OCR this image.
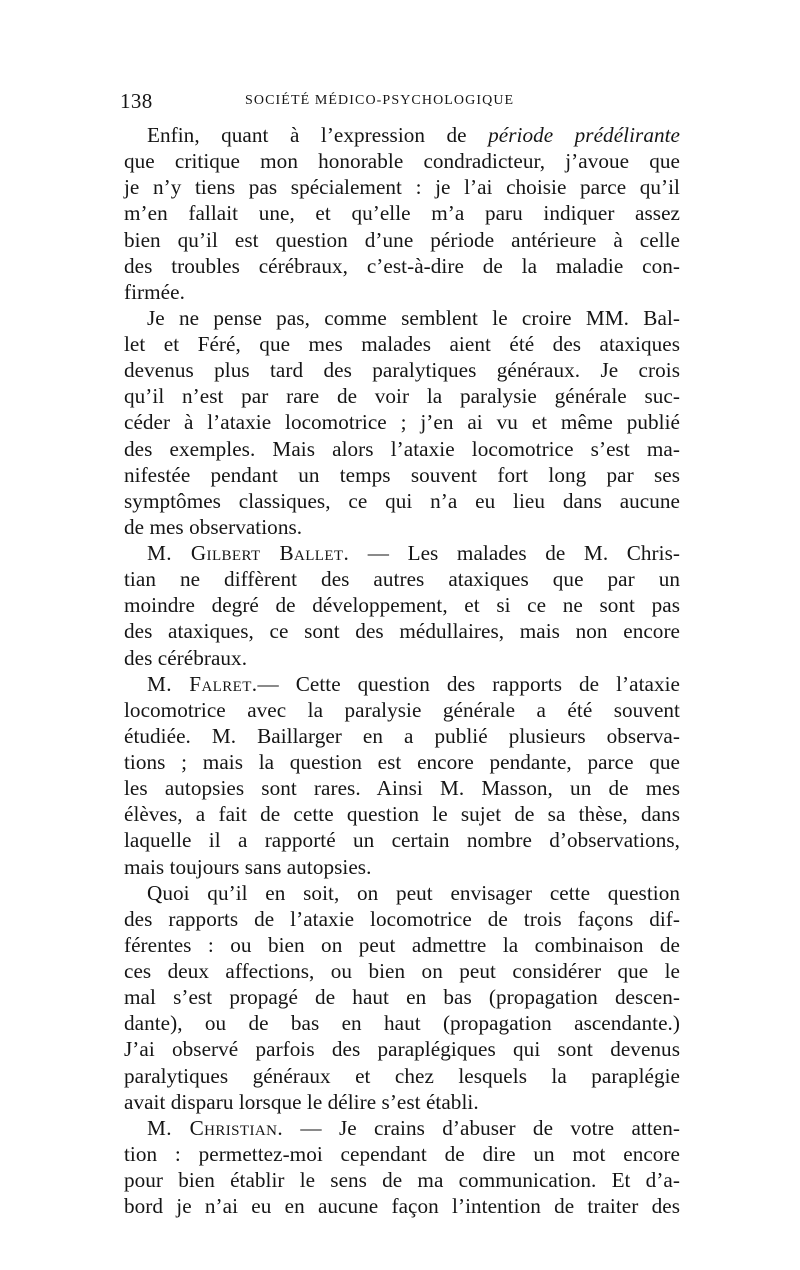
138	SOCIÉTÉ MÉDICO-PSYCHOLOGIQUE
Enfin, quant à l’expression de période prédélirante
que critique mon honorable condradicteur, j’avoue que
je n’y tiens pas spécialement : je l’ai choisie parce qu’il
m’en fallait une, et qu’elle m’a paru indiquer assez
bien qu’il est question d’une période antérieure à celle
des troubles cérébraux, c’est-à-dire de la maladie con-
firmée.
Je ne pense pas, comme semblent le croire MM. Bal-
let et Féré, que mes malades aient été des ataxiques
devenus plus tard des paralytiques généraux. Je crois
qu’il n’est par rare de voir la paralysie générale suc-
céder à l’ataxie locomotrice ; j’en ai vu et même publié
des exemples. Mais alors l’ataxie locomotrice s’est ma-
nifestée pendant un temps souvent fort long par ses
symptômes classiques, ce qui n’a eu lieu dans aucune
de mes observations.
M. Gilbert Ballet. — Les malades de M. Chris-
tian ne diffèrent des autres ataxiques que par un
moindre degré de développement, et si ce ne sont pas
des ataxiques, ce sont des médullaires, mais non encore
des cérébraux.
M. Falret.— Cette question des rapports de l’ataxie
locomotrice avec la paralysie générale a été souvent
étudiée. M. Baillarger en a publié plusieurs observa-
tions ; mais la question est encore pendante, parce que
les autopsies sont rares. Ainsi M. Masson, un de mes
élèves, a fait de cette question le sujet de sa thèse, dans
laquelle il a rapporté un certain nombre d’observations,
mais toujours sans autopsies.
Quoi qu’il en soit, on peut envisager cette question
des rapports de l’ataxie locomotrice de trois façons dif-
férentes : ou bien on peut admettre la combinaison de
ces deux affections, ou bien on peut considérer que le
mal s’est propagé de haut en bas (propagation descen-
dante), ou de bas en haut (propagation ascendante.)
J’ai observé parfois des paraplégiques qui sont devenus
paralytiques généraux et chez lesquels la paraplégie
avait disparu lorsque le délire s’est établi.
M. Christian. — Je crains d’abuser de votre atten-
tion : permettez-moi cependant de dire un mot encore
pour bien établir le sens de ma communication. Et d’a-
bord je n’ai eu en aucune façon l’intention de traiter des
